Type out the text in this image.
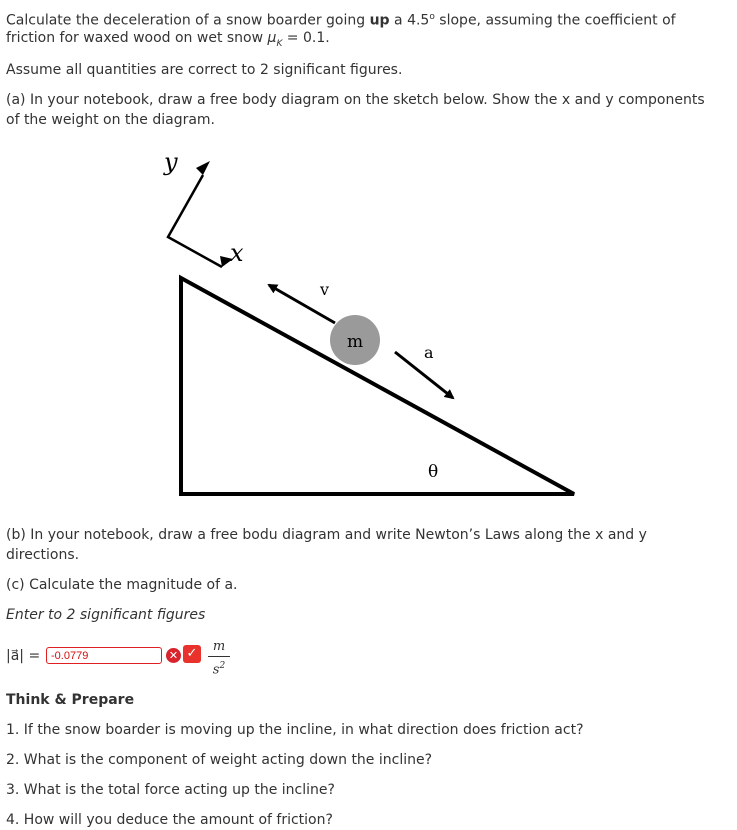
Calculate the deceleration of a snow boarder going up a 4.5$^o$ slope, assuming the coefficient of
friction for waxed wood on wet snow $\mu_K = 0.1$.
Assume all quantities are correct to 2 significant figures.
(a) In your notebook, draw a free body diagram on the sketch below. Show the x and y components
of the weight on the diagram.
y
x
v
m
a
θ
(b) In your notebook, draw a free bodu diagram and write Newton’s Laws along the x and y
directions.
(c) Calculate the magnitude of a.
Enter to 2 significant figures
|a⃗| =
-0.0779	✕ ✓	m
$s^2$
Think & Prepare
1. If the snow boarder is moving up the incline, in what direction does friction act?
2. What is the component of weight acting down the incline?
3. What is the total force acting up the incline?
4. How will you deduce the amount of friction?
